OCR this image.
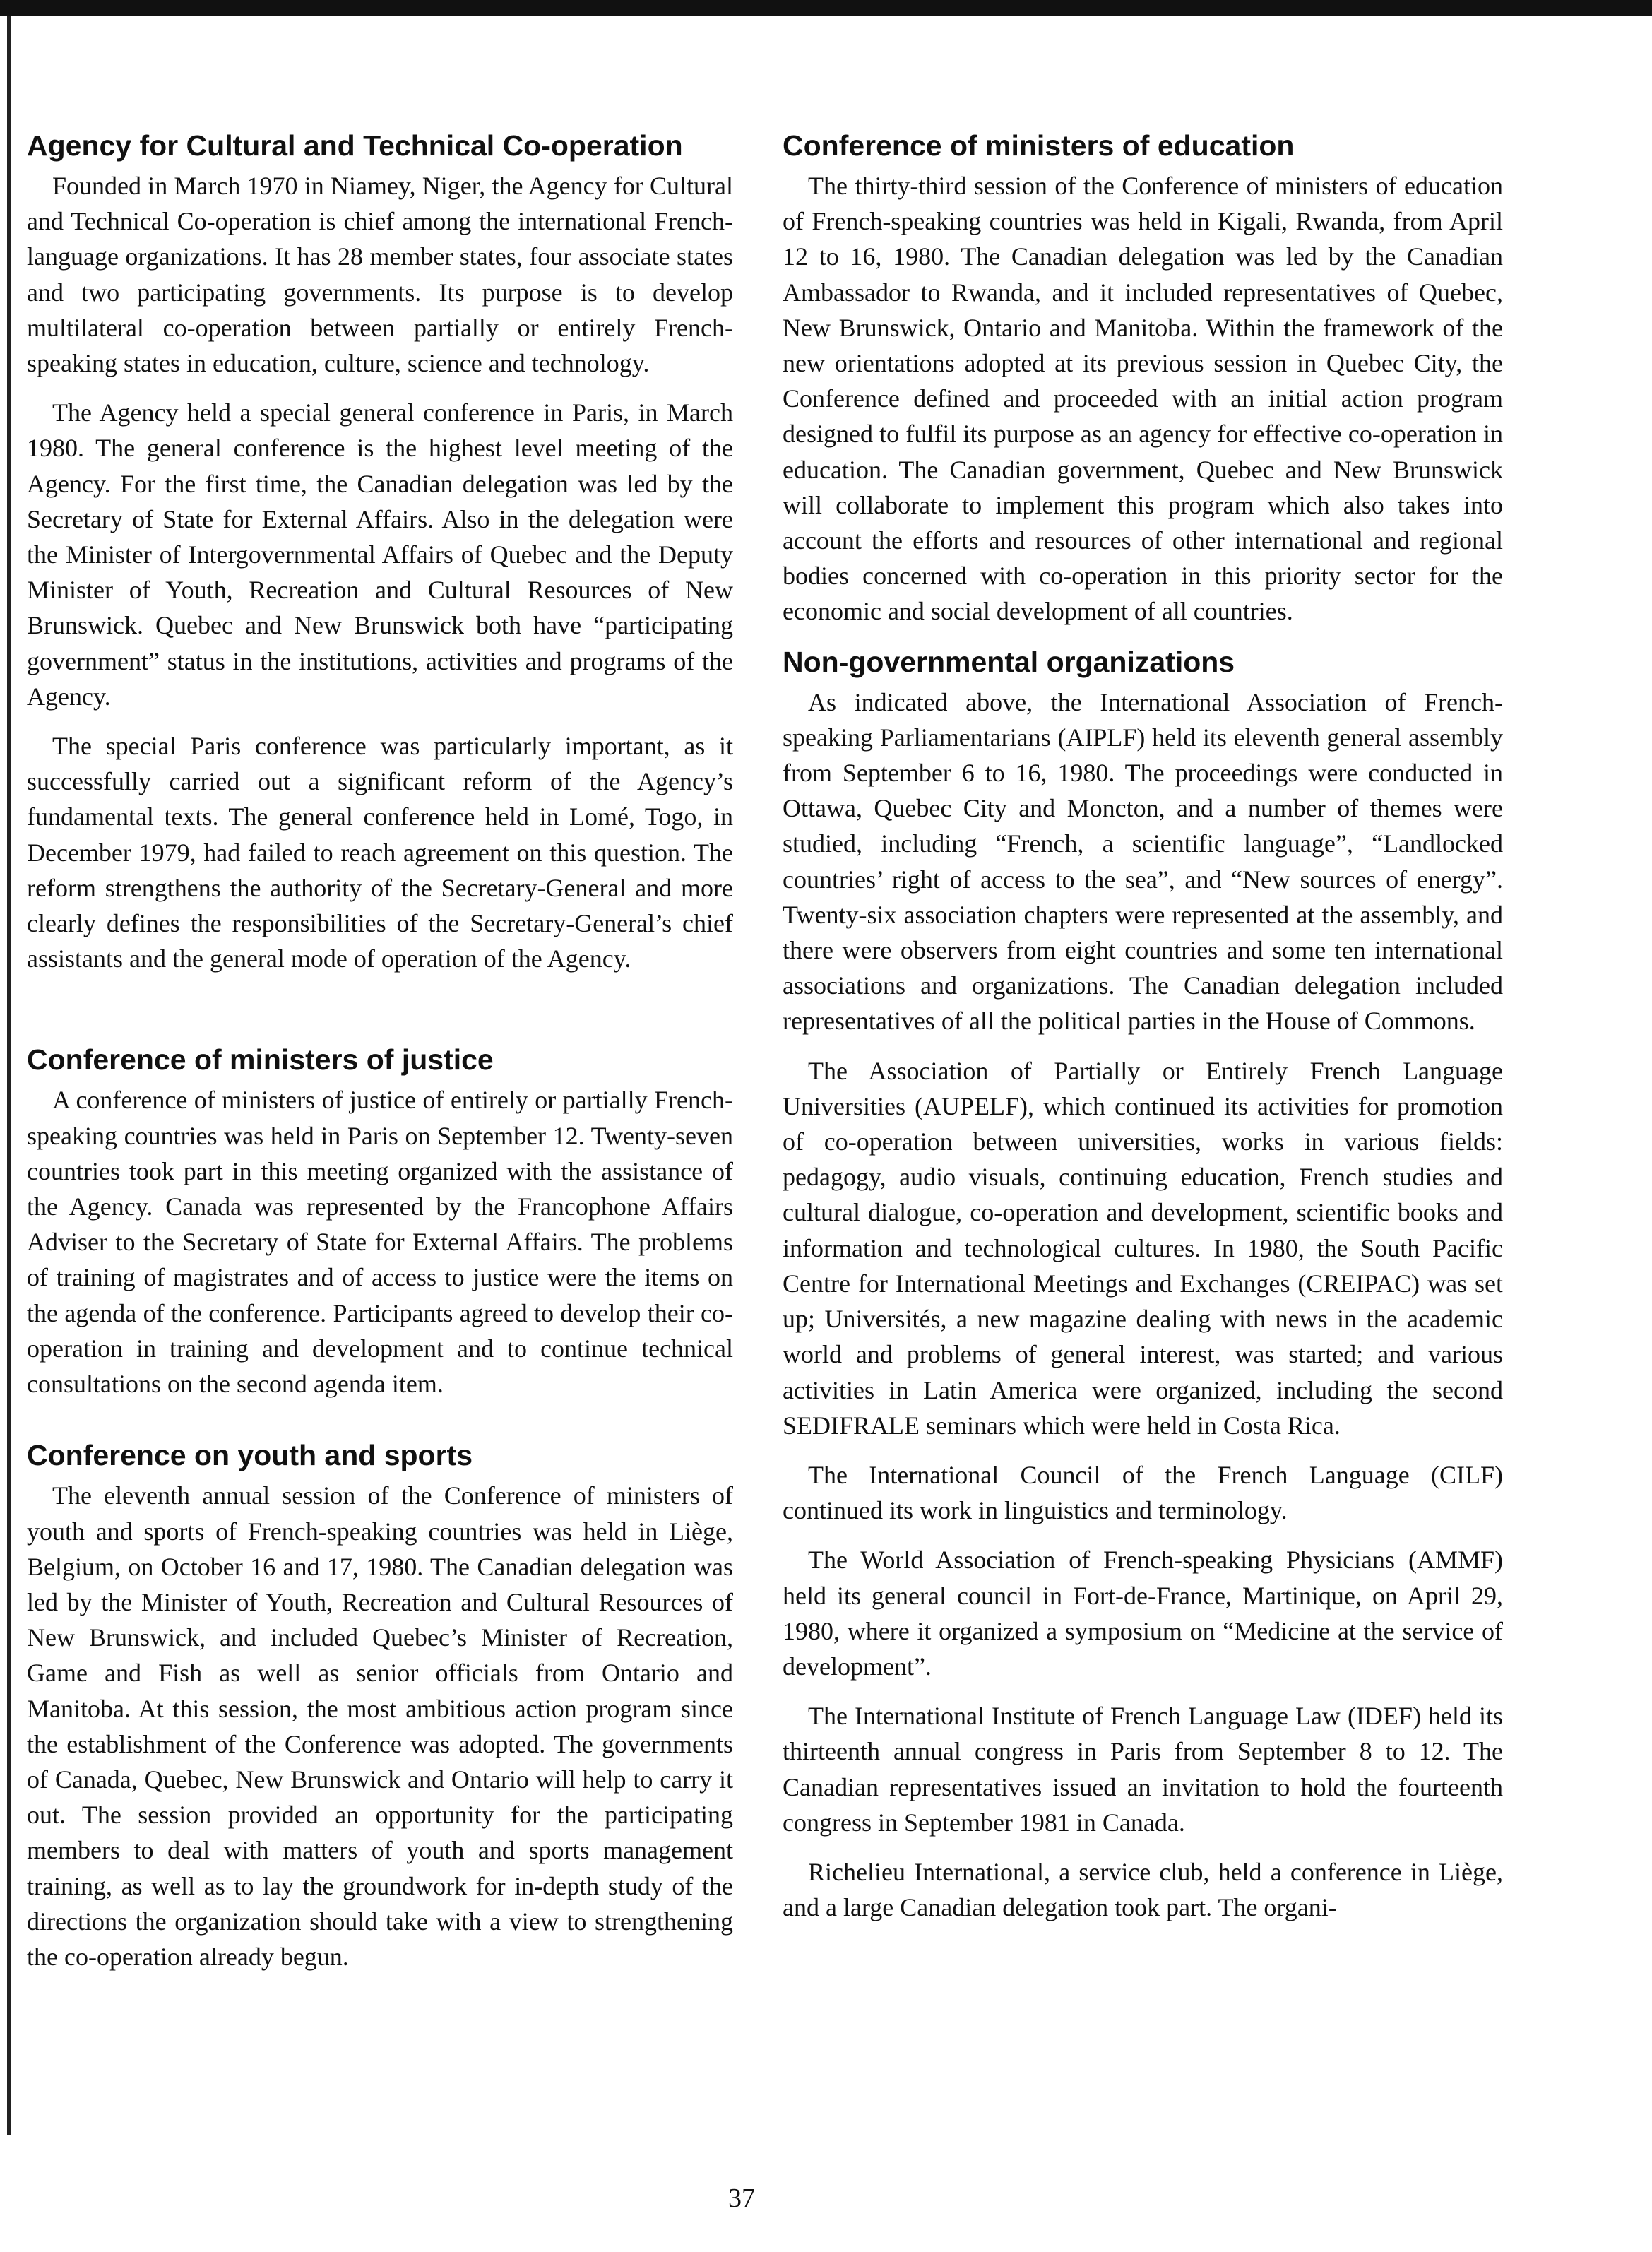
Agency for Cultural and Technical Co-operation

Founded in March 1970 in Niamey, Niger, the Agency for Cultural and Technical Co-operation is chief among the international French-language organizations. It has 28 member states, four associate states and two participating governments. Its purpose is to develop multilateral co-operation between partially or entirely French-speaking states in education, culture, science and technology.

The Agency held a special general conference in Paris, in March 1980. The general conference is the highest level meeting of the Agency. For the first time, the Canadian delegation was led by the Secretary of State for External Affairs. Also in the delegation were the Minister of Intergovernmental Affairs of Quebec and the Deputy Minister of Youth, Recreation and Cultural Resources of New Brunswick. Quebec and New Brunswick both have “participating government” status in the institutions, activities and programs of the Agency.

The special Paris conference was particularly important, as it successfully carried out a significant reform of the Agency’s fundamental texts. The general conference held in Lomé, Togo, in December 1979, had failed to reach agreement on this question. The reform strengthens the authority of the Secretary-General and more clearly defines the responsibilities of the Secretary-General’s chief assistants and the general mode of operation of the Agency.

Conference of ministers of justice

A conference of ministers of justice of entirely or partially French-speaking countries was held in Paris on September 12. Twenty-seven countries took part in this meeting organized with the assistance of the Agency. Canada was represented by the Francophone Affairs Adviser to the Secretary of State for External Affairs. The problems of training of magistrates and of access to justice were the items on the agenda of the conference. Participants agreed to develop their co-operation in training and development and to continue technical consultations on the second agenda item.

Conference on youth and sports

The eleventh annual session of the Conference of ministers of youth and sports of French-speaking countries was held in Liège, Belgium, on October 16 and 17, 1980. The Canadian delegation was led by the Minister of Youth, Recreation and Cultural Resources of New Brunswick, and included Quebec’s Minister of Recreation, Game and Fish as well as senior officials from Ontario and Manitoba. At this session, the most ambitious action program since the establishment of the Conference was adopted. The governments of Canada, Quebec, New Brunswick and Ontario will help to carry it out. The session provided an opportunity for the participating members to deal with matters of youth and sports management training, as well as to lay the groundwork for in-depth study of the directions the organization should take with a view to strengthening the co-operation already begun.

Conference of ministers of education

The thirty-third session of the Conference of ministers of education of French-speaking countries was held in Kigali, Rwanda, from April 12 to 16, 1980. The Canadian delegation was led by the Canadian Ambassador to Rwanda, and it included representatives of Quebec, New Brunswick, Ontario and Manitoba. Within the framework of the new orientations adopted at its previous session in Quebec City, the Conference defined and proceeded with an initial action program designed to fulfil its purpose as an agency for effective co-operation in education. The Canadian government, Quebec and New Brunswick will collaborate to implement this program which also takes into account the efforts and resources of other international and regional bodies concerned with co-operation in this priority sector for the economic and social development of all countries.

Non-governmental organizations

As indicated above, the International Association of French- speaking Parliamentarians (AIPLF) held its eleventh general assembly from September 6 to 16, 1980. The proceedings were conducted in Ottawa, Quebec City and Moncton, and a number of themes were studied, including “French, a scientific language”, “Landlocked countries’ right of access to the sea”, and “New sources of energy”. Twenty-six association chapters were represented at the assembly, and there were observers from eight countries and some ten international associations and organizations. The Canadian delegation included representatives of all the political parties in the House of Commons.

The Association of Partially or Entirely French Language Universities (AUPELF), which continued its activities for promotion of co-operation between universities, works in various fields: pedagogy, audio visuals, continuing education, French studies and cultural dialogue, co-operation and development, scientific books and information and technological cultures. In 1980, the South Pacific Centre for International Meetings and Exchanges (CREIPAC) was set up; Universités, a new magazine dealing with news in the academic world and problems of general interest, was started; and various activities in Latin America were organized, including the second SEDIFRALE seminars which were held in Costa Rica.

The International Council of the French Language (CILF) continued its work in linguistics and terminology.

The World Association of French-speaking Physicians (AMMF) held its general council in Fort-de-France, Martinique, on April 29, 1980, where it organized a symposium on “Medicine at the service of development”.

The International Institute of French Language Law (IDEF) held its thirteenth annual congress in Paris from September 8 to 12. The Canadian representatives issued an invitation to hold the fourteenth congress in September 1981 in Canada.

Richelieu International, a service club, held a conference in Liège, and a large Canadian delegation took part. The organi-

37
